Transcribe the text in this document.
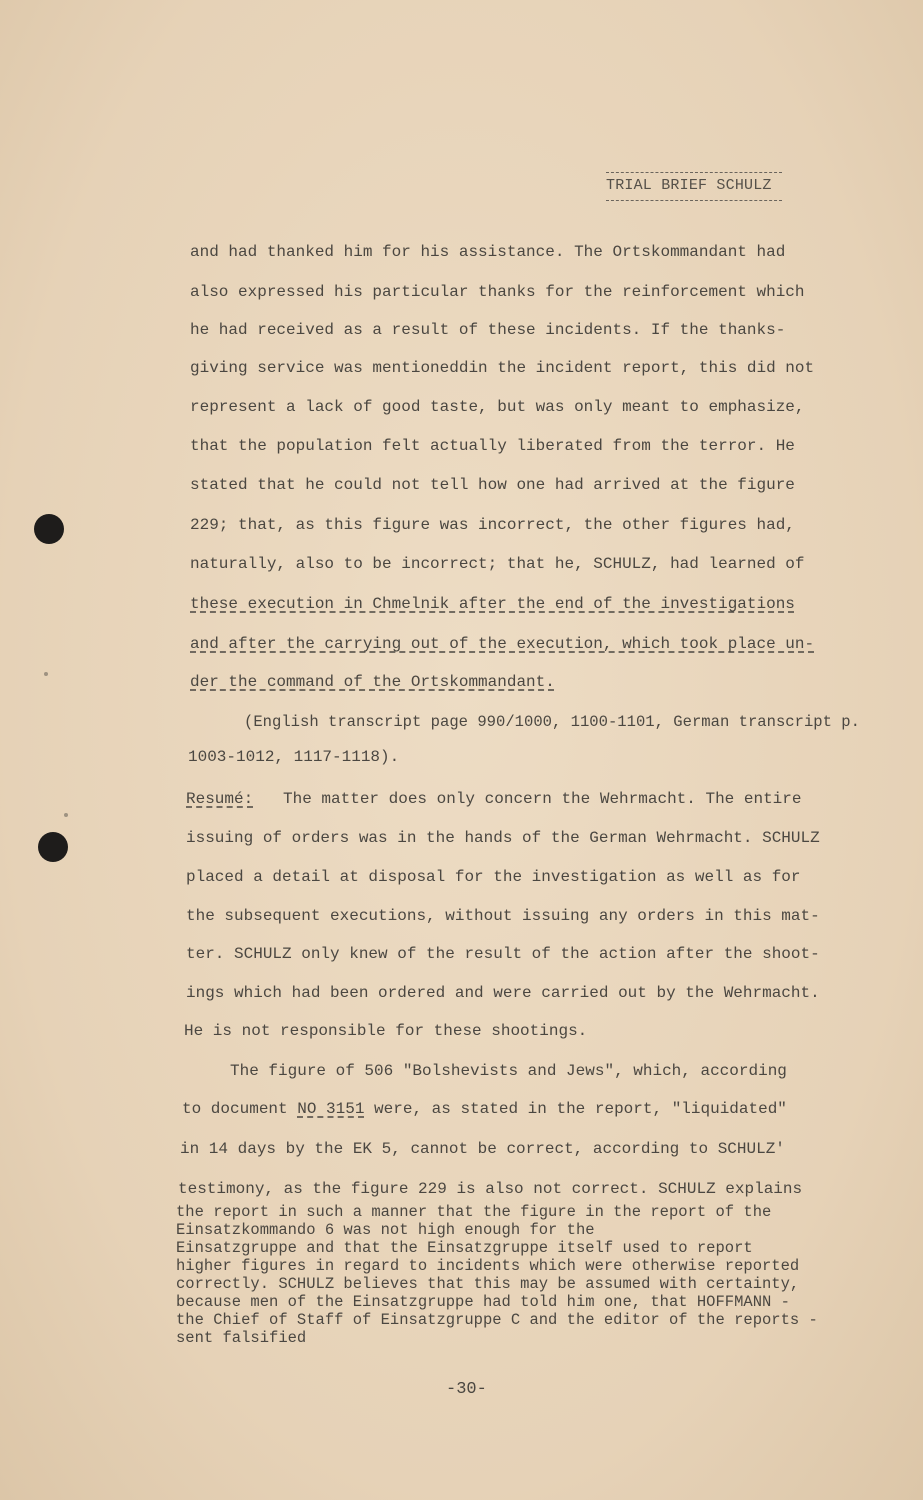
TRIAL BRIEF SCHULZ
and had thanked him for his assistance. The Ortskommandant had
also expressed his particular thanks for the reinforcement which
he had received as a result of these incidents. If the thanks-
giving service was mentioneddin the incident report, this did not
represent a lack of good taste, but was only meant to emphasize,
that the population felt actually liberated from the terror. He
stated that he could not tell how one had arrived at the figure
229; that, as this figure was incorrect, the other figures had,
naturally, also to be incorrect; that he, SCHULZ, had learned of
these execution in Chmelnik after the end of the investigations
and after the carrying out of the execution, which took place un-
der the command of the Ortskommandant.
(English transcript page 990/1000, 1100-1101, German transcript p.
1003-1012, 1117-1118).
Resumé: The matter does only concern the Wehrmacht. The entire
issuing of orders was in the hands of the German Wehrmacht. SCHULZ
placed a detail at disposal for the investigation as well as for
the subsequent executions, without issuing any orders in this mat-
ter. SCHULZ only knew of the result of the action after the shoot-
ings which had been ordered and were carried out by the Wehrmacht.
He is not responsible for these shootings.
The figure of 506 "Bolshevists and Jews", which, according
to document NO 3151 were, as stated in the report, "liquidated"
in 14 days by the EK 5, cannot be correct, according to SCHULZ'
testimony, as the figure 229 is also not correct. SCHULZ explains
the report in such a manner that the figure in the report of the
Einsatzkommando 6 was not high enough for the
Einsatzgruppe and that the Einsatzgruppe itself used to report
higher figures in regard to incidents which were otherwise reported
correctly. SCHULZ believes that this may be assumed with certainty,
because men of the Einsatzgruppe had told him one, that HOFFMANN -
the Chief of Staff of Einsatzgruppe C and the editor of the reports -
sent falsified
-30-
